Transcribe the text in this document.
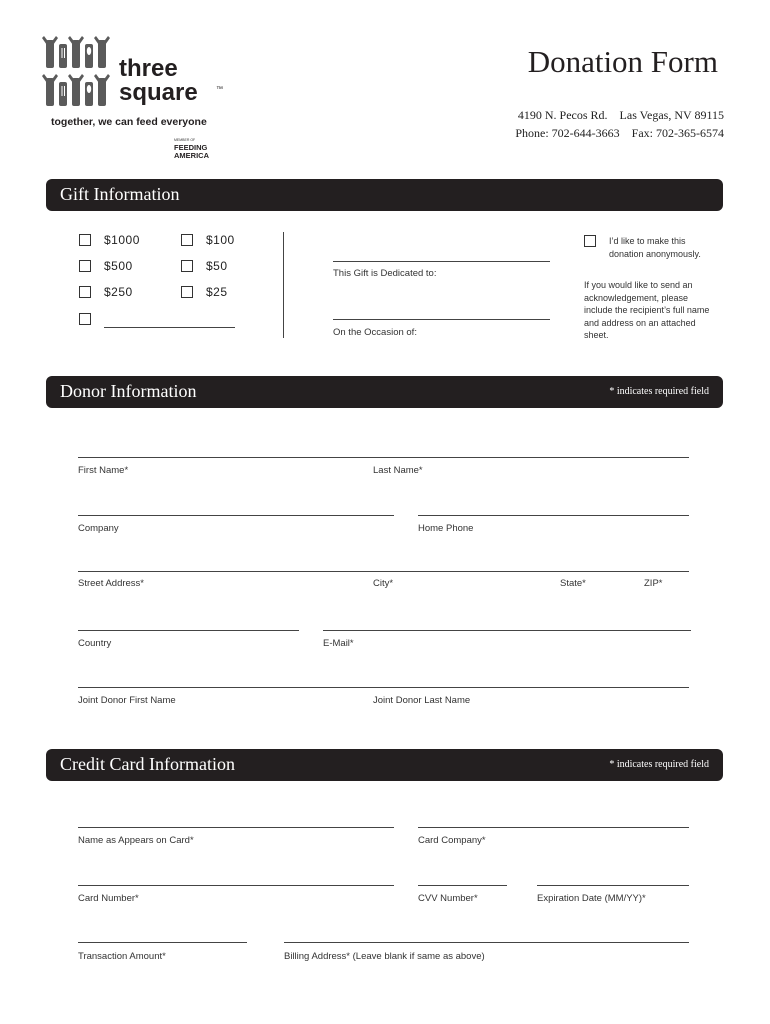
three
square	™
together, we can feed everyone
MEMBER OF
FEEDING
AMERICA
Donation Form
4190 N. Pecos Rd.    Las Vegas, NV 89115
Phone: 702-644-3663    Fax: 702-365-6574
Gift Information
$1000	$100
$500	$50
$250	$25
This Gift is Dedicated to:
On the Occasion of:
I’d like to make this donation anonymously.
If you would like to send an acknowledgement, please include the recipient’s full name and address on an attached sheet.
Donor Information	* indicates required field
First Name*	Last Name*
Company	Home Phone
Street Address*	City*	State*	ZIP*
Country	E-Mail*
Joint Donor First Name	Joint Donor Last Name
Credit Card Information	* indicates required field
Name as Appears on Card*	Card Company*
Card Number*	CVV Number*	Expiration Date (MM/YY)*
Transaction Amount*	Billing Address* (Leave blank if same as above)
